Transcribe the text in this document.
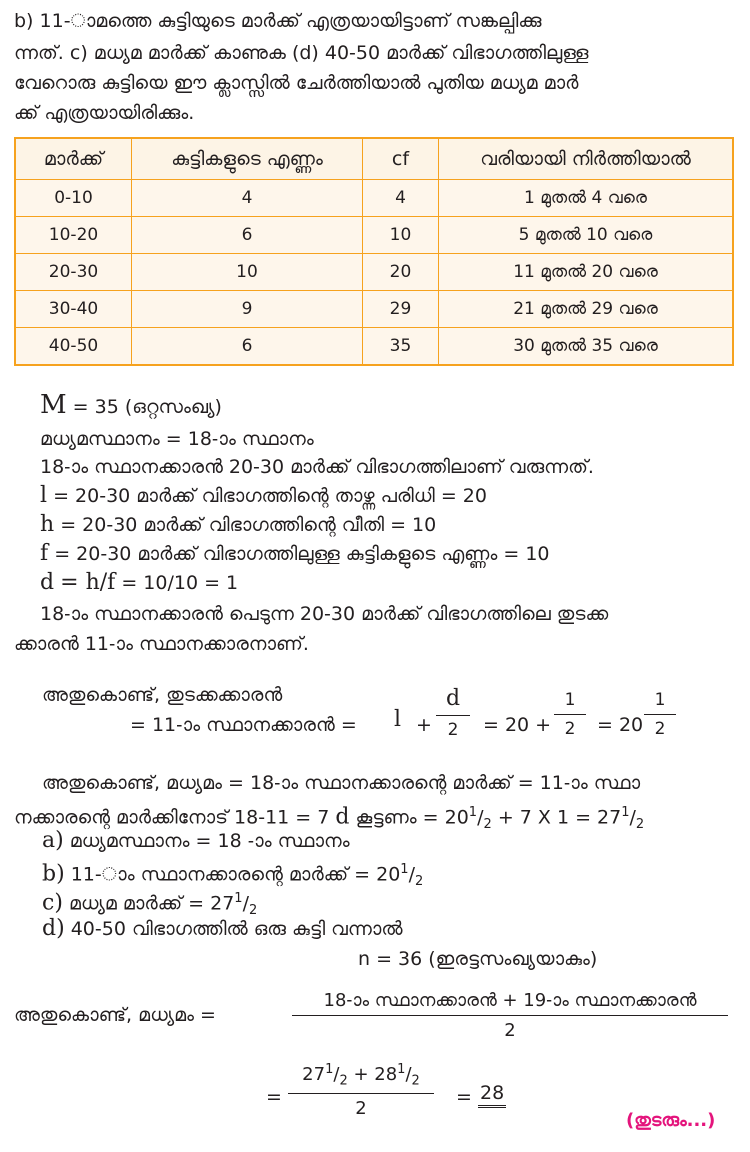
b) 11-ാമത്തെ കുട്ടിയുടെ മാർക്ക് എത്രയായിട്ടാണ് സങ്കല്പിക്കു
ന്നത്. c) മധ്യമ മാർക്ക് കാണുക (d) 40-50 മാർക്ക് വിഭാഗത്തിലുള്ള
വേറൊരു കുട്ടിയെ ഈ ക്ലാസ്സിൽ ചേർത്തിയാൽ പുതിയ മധ്യമ മാർ
ക്ക് എത്രയായിരിക്കും.
മാർക്ക്	കുട്ടികളുടെ എണ്ണം	cf	വരിയായി നിർത്തിയാൽ
0-10	4	4	1 മുതൽ 4 വരെ
10-20	6	10	5 മുതൽ 10 വരെ
20-30	10	20	11 മുതൽ 20 വരെ
30-40	9	29	21 മുതൽ 29 വരെ
40-50	6	35	30 മുതൽ 35 വരെ
M = 35 (ഒറ്റസംഖ്യ)
മധ്യമസ്ഥാനം = 18-ാം സ്ഥാനം
18-ാം സ്ഥാനക്കാരൻ 20-30 മാർക്ക് വിഭാഗത്തിലാണ് വരുന്നത്.
l = 20-30 മാർക്ക് വിഭാഗത്തിന്റെ താഴ്ന്ന പരിധി = 20
h = 20-30 മാർക്ക് വിഭാഗത്തിന്റെ വീതി = 10
f = 20-30 മാർക്ക് വിഭാഗത്തിലുള്ള കുട്ടികളുടെ എണ്ണം = 10
d = h/f = 10/10 = 1
18-ാം സ്ഥാനക്കാരൻ പെടുന്ന 20-30 മാർക്ക് വിഭാഗത്തിലെ തുടക്ക
ക്കാരൻ 11-ാം സ്ഥാനക്കാരനാണ്.
അതുകൊണ്ട്, തുടക്കക്കാരൻ
= 11-ാം സ്ഥാനക്കാരൻ = l +
d
2	= 20 +
1
2	= 20
1
2
അതുകൊണ്ട്, മധ്യമം = 18-ാം സ്ഥാനക്കാരന്റെ മാർക്ക് = 11-ാം സ്ഥാ
നക്കാരന്റെ മാർക്കിനോട് 18-11 = 7 d കൂട്ടണം = $20^1/_2 + 7$ X $1 = 27^1/_2$
a) മധ്യമസ്ഥാനം = 18 -ാം സ്ഥാനം
b) 11-ാം സ്ഥാനക്കാരന്റെ മാർക്ക് = $20^1/_2$
c) മധ്യമ മാർക്ക് = $27^1/_2$
d) 40-50 വിഭാഗത്തിൽ ഒരു കുട്ടി വന്നാൽ
n = 36 (ഇരട്ടസംഖ്യയാകും)
അതുകൊണ്ട്, മധ്യമം =
18-ാം സ്ഥാനക്കാരൻ + 19-ാം സ്ഥാനക്കാരൻ
2
=
$27^1/_2 + 28^1/_2$
2
= 28
(തുടരും...)
